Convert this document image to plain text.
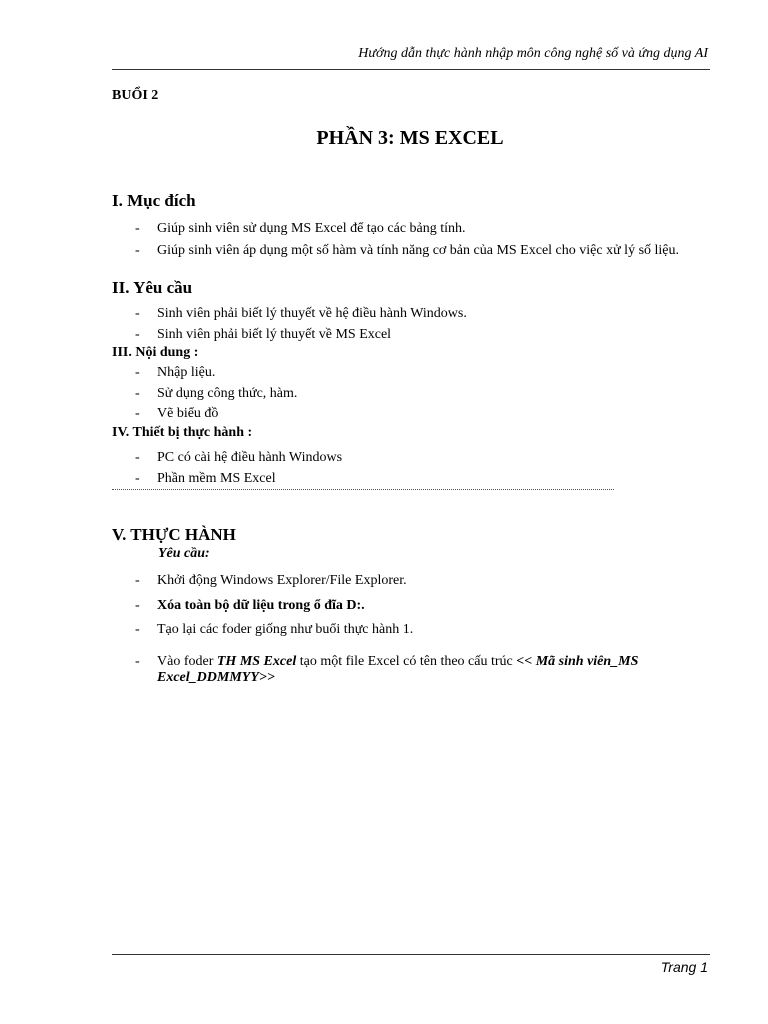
Hướng dẫn thực hành nhập môn công nghệ số và ứng dụng AI
BUỔI 2
PHẦN 3: MS EXCEL
I. Mục đích
- Giúp sinh viên sử dụng MS Excel để tạo các bảng tính.
- Giúp sinh viên áp dụng một số hàm và tính năng cơ bản của MS Excel cho việc xử lý số liệu.
II. Yêu cầu
- Sinh viên phải biết lý thuyết về hệ điều hành Windows.
- Sinh viên phải biết lý thuyết về MS Excel
III. Nội dung :
- Nhập liệu.
- Sử dụng công thức, hàm.
- Vẽ biểu đồ
IV. Thiết bị thực hành :
- PC có cài hệ điều hành Windows
- Phần mềm MS Excel
V. THỰC HÀNH
Yêu cầu:
- Khởi động Windows Explorer/File Explorer.
- Xóa toàn bộ dữ liệu trong ổ đĩa D:.
- Tạo lại các foder giống như buổi thực hành 1.
- Vào foder TH MS Excel tạo một file Excel có tên theo cấu trúc << Mã sinh viên_MS Excel_DDMMYY>>
Trang 1
